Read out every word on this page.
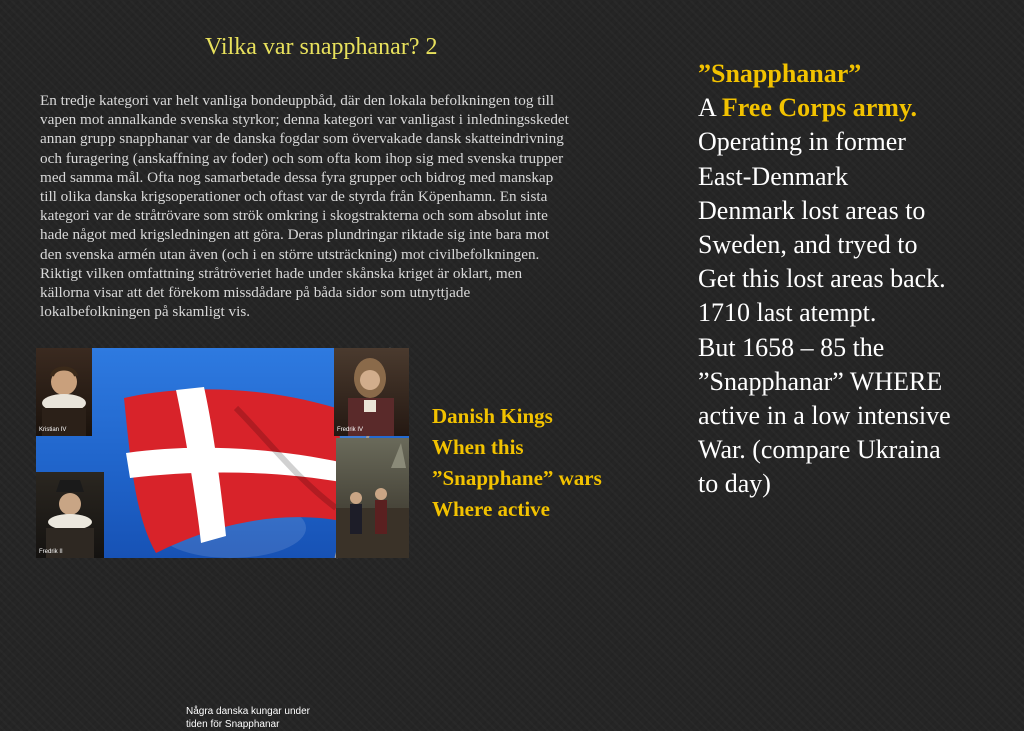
Vilka var snapphanar? 2
En tredje kategori var helt vanliga bondeuppbåd, där den lokala befolkningen tog till
vapen mot annalkande svenska styrkor; denna kategori var vanligast i inledningsskedet
annan grupp snapphanar var de danska fogdar som övervakade dansk skatteindrivning
och furagering (anskaffning av foder) och som ofta kom ihop sig med svenska trupper
med samma mål. Ofta nog samarbetade dessa fyra grupper och bidrog med manskap
till olika danska krigsoperationer och oftast var de styrda från Köpenhamn. En sista
kategori var de stråtrövare som strök omkring i skogstrakterna och som absolut inte
hade något med krigsledningen att göra. Deras plundringar riktade sig inte bara mot
den svenska armén utan även (och i en större utsträckning) mot civilbefolkningen.
Riktigt vilken omfattning stråtröveriet hade under skånska kriget är oklart, men
källorna visar att det förekom missdådare på båda sidor som utnyttjade
lokalbefolkningen på skamligt vis.
Kristian IV	Fredrik IV
Fredrik II
Några danska kungar under
tiden för Snapphanar
Danish Kings
When this
”Snapphane” wars
Where active
”Snapphanar”
A Free Corps army.
Operating in former
East-Denmark
Denmark lost areas to
Sweden, and tryed to
Get this lost areas back.
1710 last atempt.
But 1658 – 85 the
”Snapphanar” WHERE
active in a low intensive
War. (compare Ukraina
to day)
